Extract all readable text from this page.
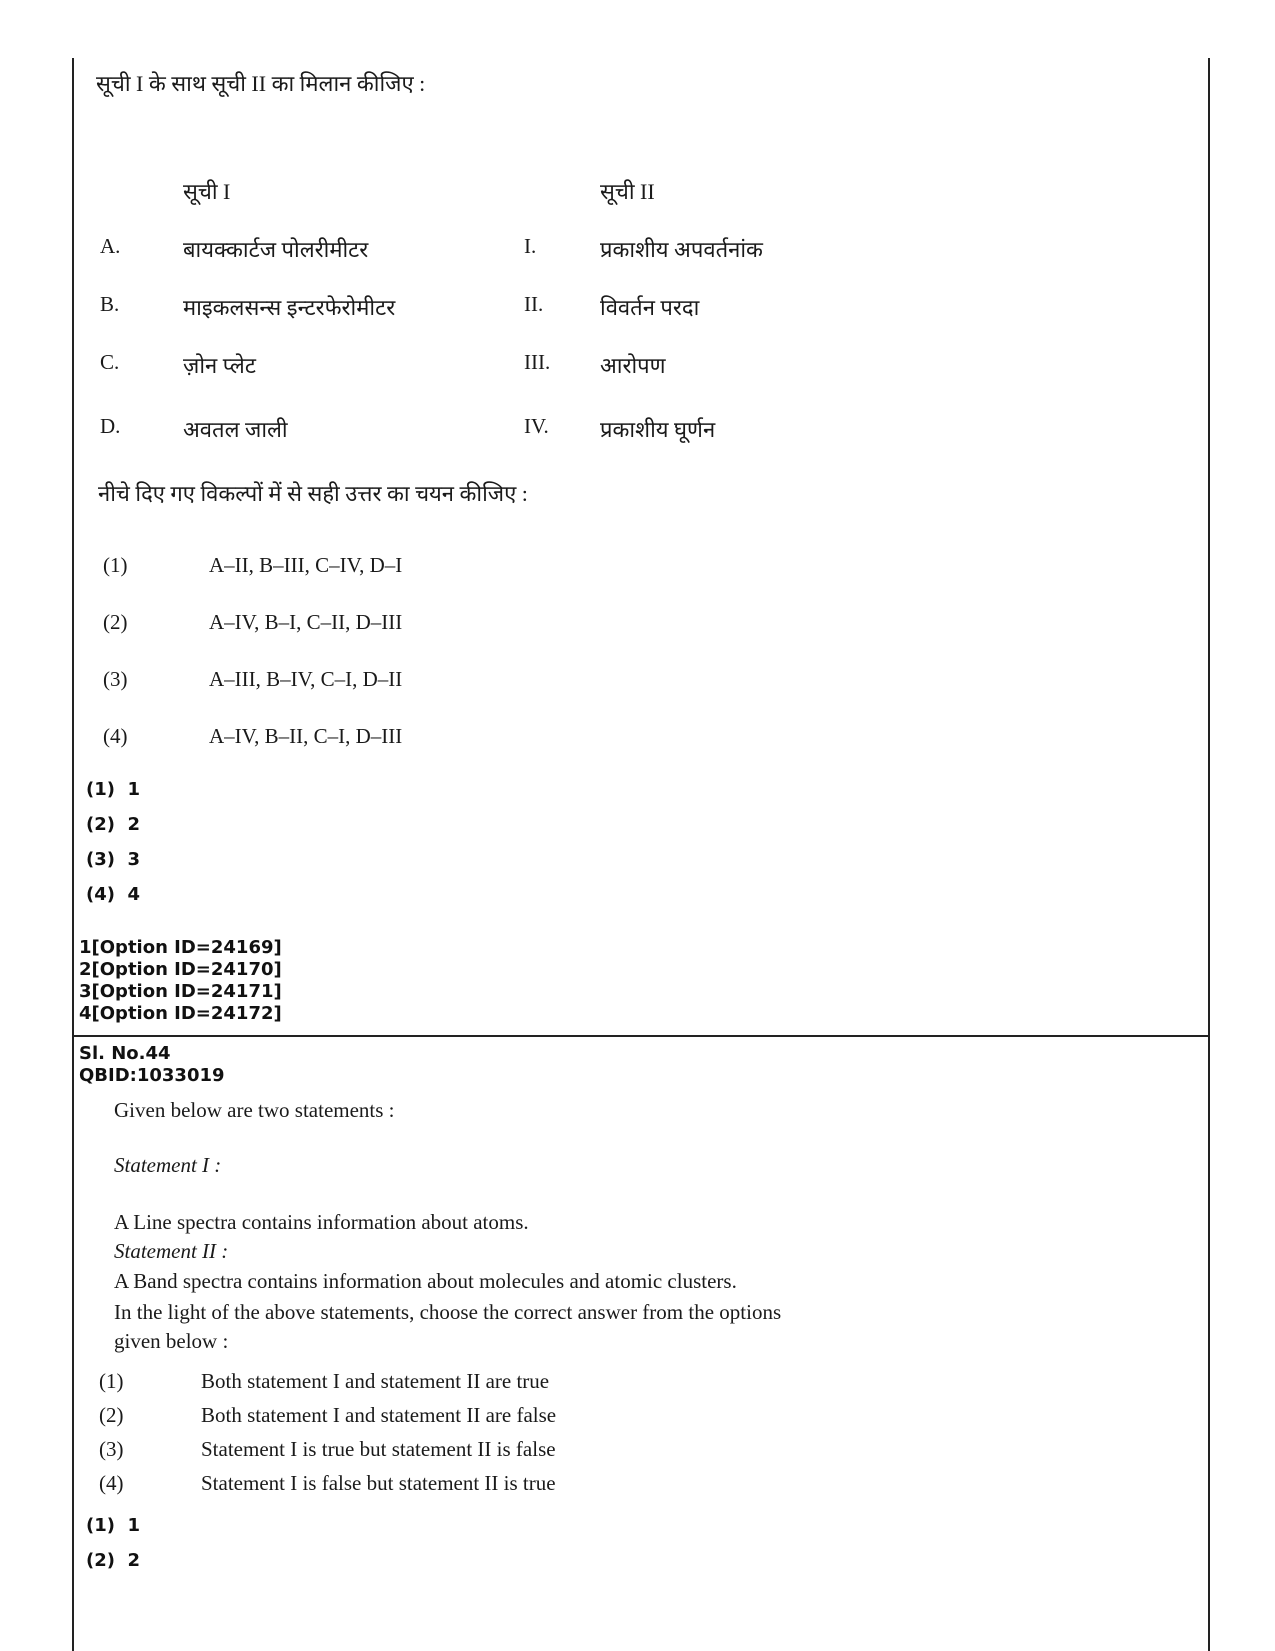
सूची I के साथ सूची II का मिलान कीजिए :
सूची I	सूची II
A.	बायक्कार्टज पोलरीमीटर	I.	प्रकाशीय अपवर्तनांक
B.	माइकलसन्स इन्टरफेरोमीटर	II.	विवर्तन परदा
C.	ज़ोन प्लेट	III. आरोपण
D.	अवतल जाली	IV. प्रकाशीय घूर्णन
नीचे दिए गए विकल्पों में से सही उत्तर का चयन कीजिए :
(1)	A–II, B–III, C–IV, D–I
(2)	A–IV, B–I, C–II, D–III
(3)	A–III, B–IV, C–I, D–II
(4)	A–IV, B–II, C–I, D–III
(1) 1
(2) 2
(3) 3
(4) 4
1[Option ID=24169]
2[Option ID=24170]
3[Option ID=24171]
4[Option ID=24172]
Sl. No.44
QBID:1033019
Given below are two statements :
Statement I :
A Line spectra contains information about atoms.
Statement II :
A Band spectra contains information about molecules and atomic clusters.
In the light of the above statements, choose the correct answer from the options
given below :
(1)	Both statement I and statement II are true
(2)	Both statement I and statement II are false
(3)	Statement I is true but statement II is false
(4)	Statement I is false but statement II is true
(1) 1
(2) 2
